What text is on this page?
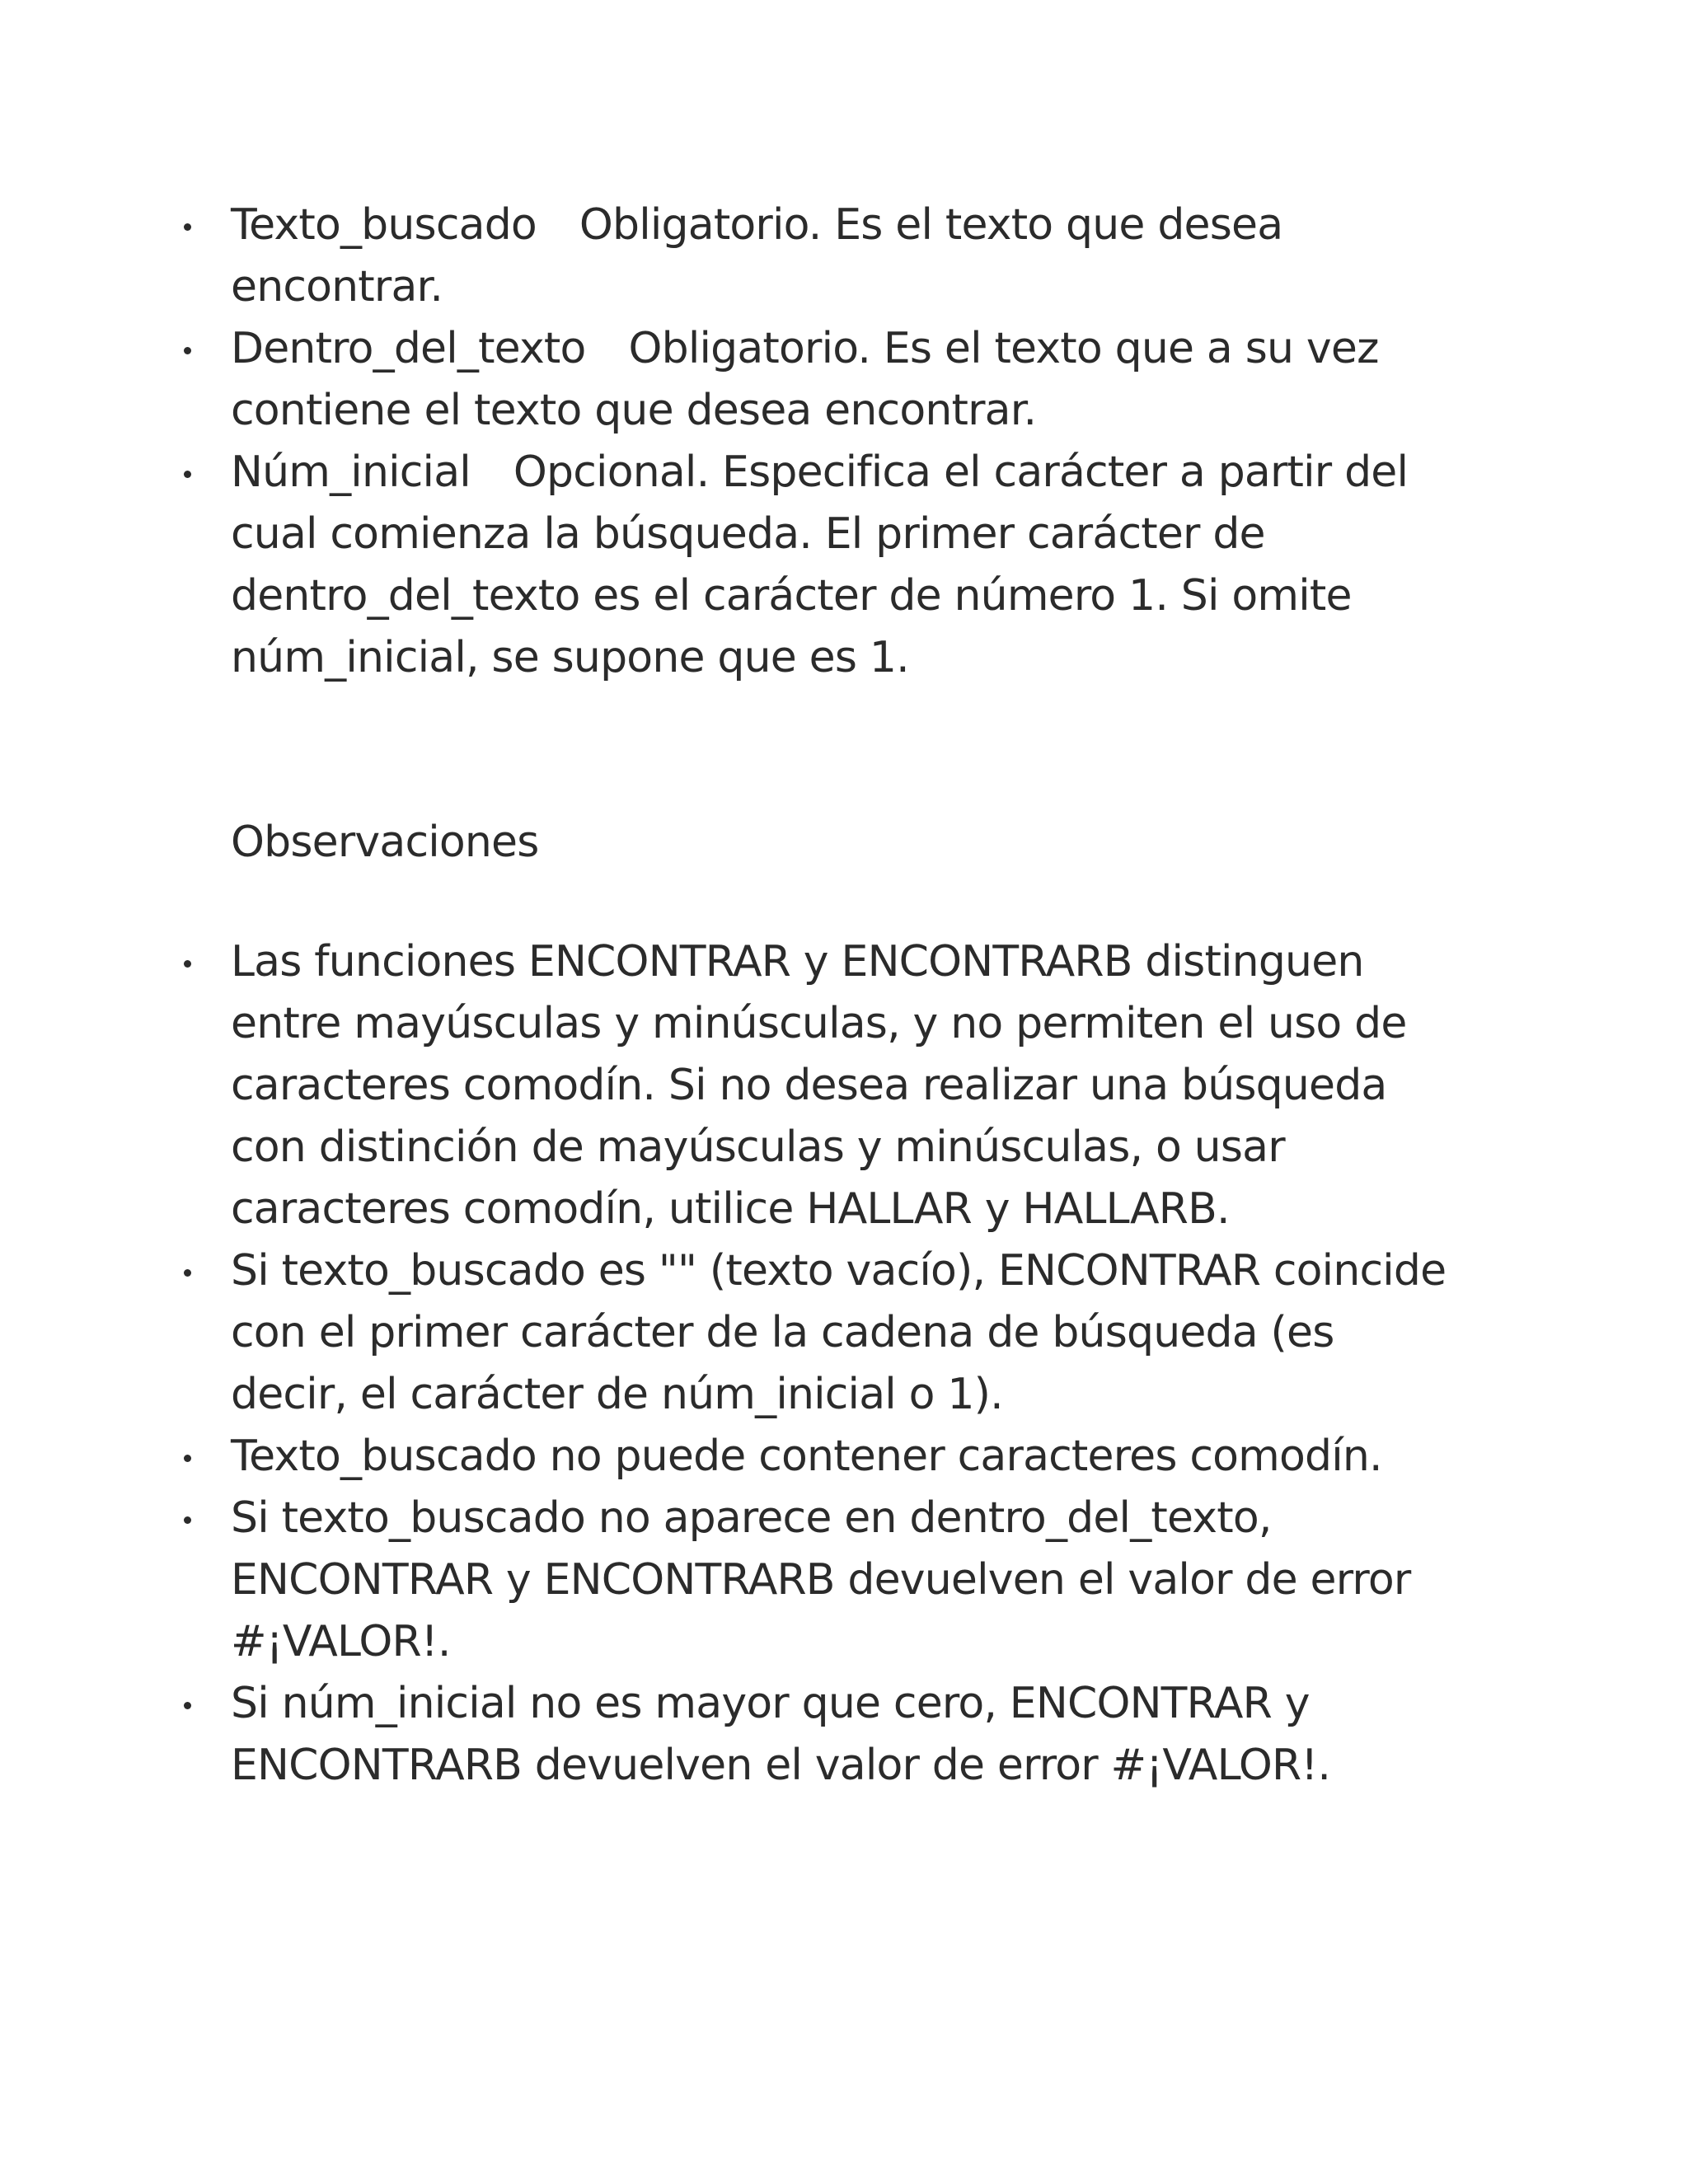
Texto_buscado Obligatorio. Es el texto que desea encontrar.
Dentro_del_texto Obligatorio. Es el texto que a su vez contiene el texto que desea encontrar.
Núm_inicial Opcional. Especifica el carácter a partir del cual comienza la búsqueda. El primer carácter de dentro_del_texto es el carácter de número 1. Si omite núm_inicial, se supone que es 1.
Observaciones
Las funciones ENCONTRAR y ENCONTRARB distinguen entre mayúsculas y minúsculas, y no permiten el uso de caracteres comodín. Si no desea realizar una búsqueda con distinción de mayúsculas y minúsculas, o usar caracteres comodín, utilice HALLAR y HALLARB.
Si texto_buscado es "" (texto vacío), ENCONTRAR coincide con el primer carácter de la cadena de búsqueda (es decir, el carácter de núm_inicial o 1).
Texto_buscado no puede contener caracteres comodín.
Si texto_buscado no aparece en dentro_del_texto, ENCONTRAR y ENCONTRARB devuelven el valor de error #¡VALOR!.
Si núm_inicial no es mayor que cero, ENCONTRAR y ENCONTRARB devuelven el valor de error #¡VALOR!.
